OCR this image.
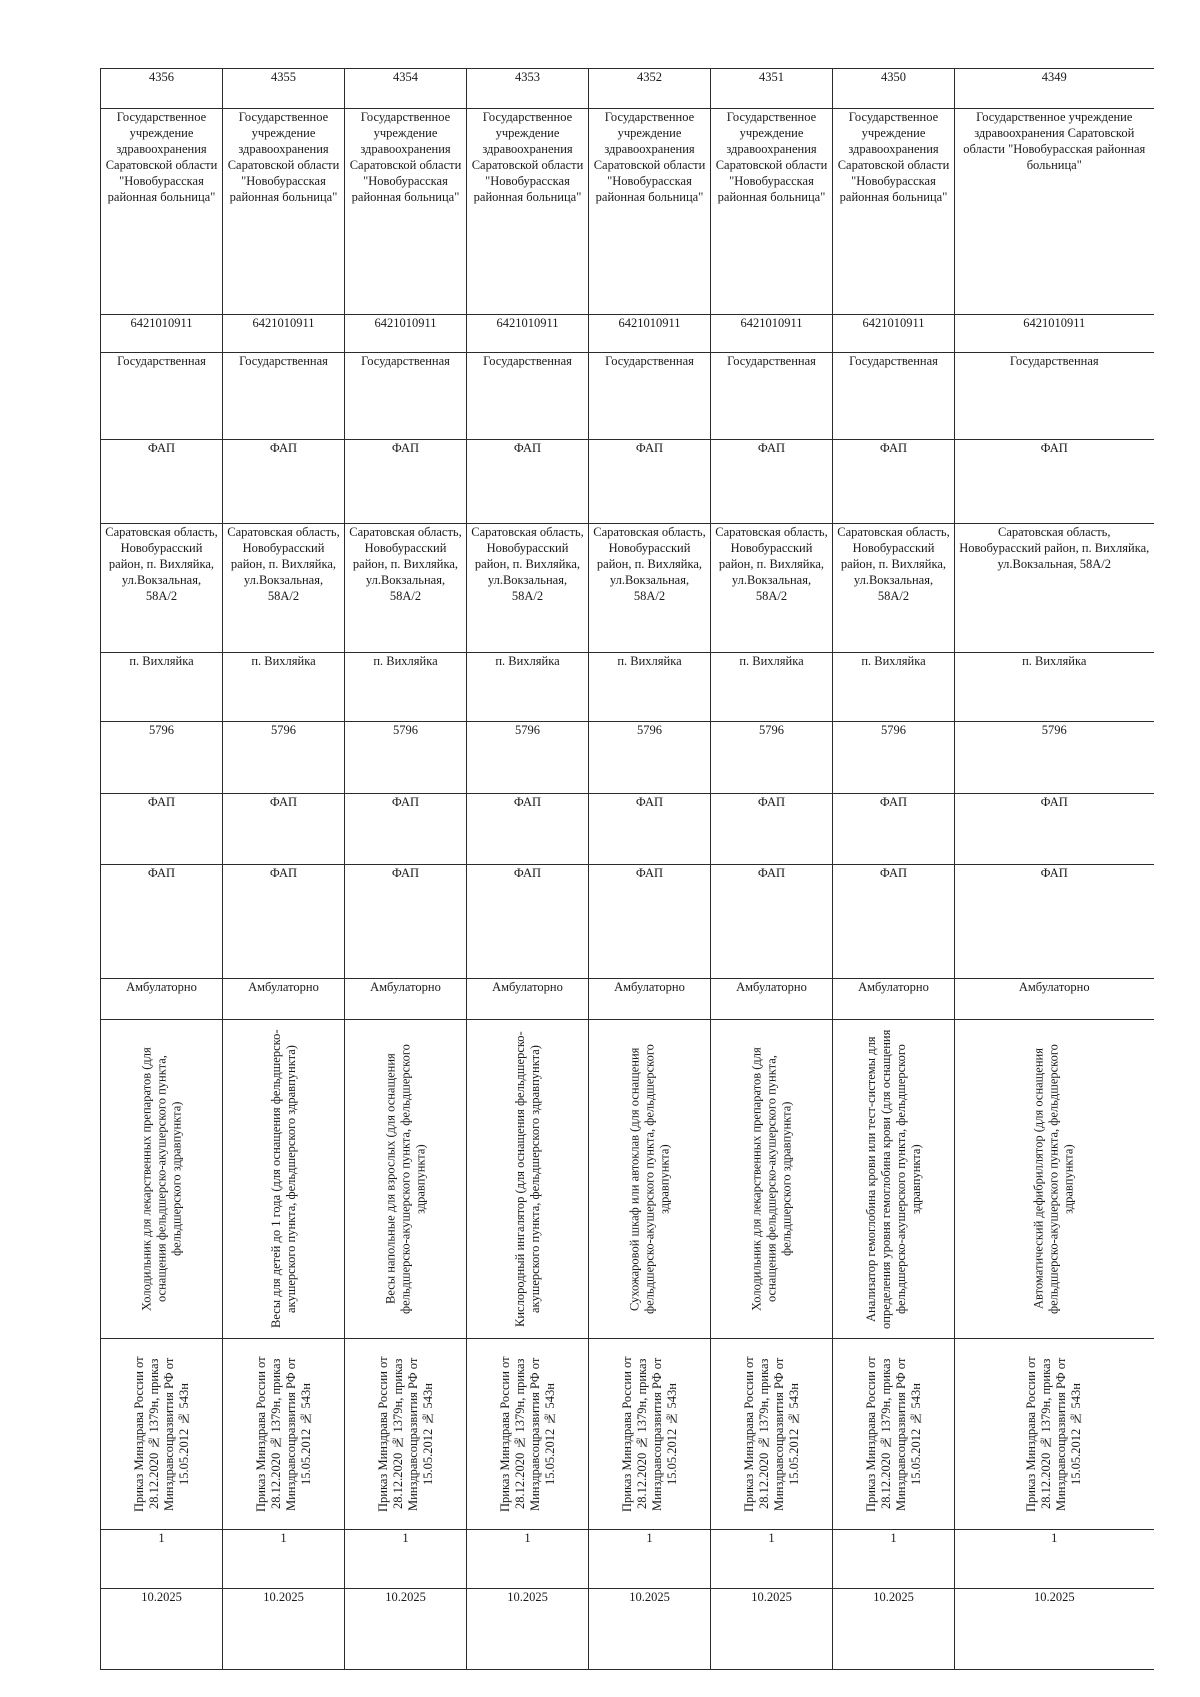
4356	4355	4354	4353	4352	4351	4350	4349
Государственное учреждение здравоохранения Саратовской области "Новобурасская районная больница"	Государственное учреждение здравоохранения Саратовской области "Новобурасская районная больница"	Государственное учреждение здравоохранения Саратовской области "Новобурасская районная больница"	Государственное учреждение здравоохранения Саратовской области "Новобурасская районная больница"	Государственное учреждение здравоохранения Саратовской области "Новобурасская районная больница"	Государственное учреждение здравоохранения Саратовской области "Новобурасская районная больница"	Государственное учреждение здравоохранения Саратовской области "Новобурасская районная больница"	Государственное учреждение здравоохранения Саратовской области "Новобурасская районная больница"
6421010911	6421010911	6421010911	6421010911	6421010911	6421010911	6421010911	6421010911
Государственная	Государственная	Государственная	Государственная	Государственная	Государственная	Государственная	Государственная
ФАП	ФАП	ФАП	ФАП	ФАП	ФАП	ФАП	ФАП
Саратовская область, Новобурасский район, п. Вихляйка, ул.Вокзальная, 58А/2	Саратовская область, Новобурасский район, п. Вихляйка, ул.Вокзальная, 58А/2	Саратовская область, Новобурасский район, п. Вихляйка, ул.Вокзальная, 58А/2	Саратовская область, Новобурасский район, п. Вихляйка, ул.Вокзальная, 58А/2	Саратовская область, Новобурасский район, п. Вихляйка, ул.Вокзальная, 58А/2	Саратовская область, Новобурасский район, п. Вихляйка, ул.Вокзальная, 58А/2	Саратовская область, Новобурасский район, п. Вихляйка, ул.Вокзальная, 58А/2	Саратовская область, Новобурасский район, п. Вихляйка, ул.Вокзальная, 58А/2
п. Вихляйка	п. Вихляйка	п. Вихляйка	п. Вихляйка	п. Вихляйка	п. Вихляйка	п. Вихляйка	п. Вихляйка
5796	5796	5796	5796	5796	5796	5796	5796
ФАП	ФАП	ФАП	ФАП	ФАП	ФАП	ФАП	ФАП
ФАП	ФАП	ФАП	ФАП	ФАП	ФАП	ФАП	ФАП
Амбулаторно	Амбулаторно	Амбулаторно	Амбулаторно	Амбулаторно	Амбулаторно	Амбулаторно	Амбулаторно

Холодильник для лекарственных препаратов (для оснащения фельдшерско-акушерского пункта, фельдшерского здравпункта)	Весы для детей до 1 года (для оснащения фельдшерско-акушерского пункта, фельдшерского здравпункта)	Весы напольные для взрослых (для оснащения фельдшерско-акушерского пункта, фельдшерского здравпункта)	Кислородный ингалятор (для оснащения фельдшерско-акушерского пункта, фельдшерского здравпункта)	Сухожаровой шкаф или автоклав (для оснащения фельдшерско-акушерского пункта, фельдшерского здравпункта)	Холодильник для лекарственных препаратов (для оснащения фельдшерско-акушерского пункта, фельдшерского здравпункта)	Анализатор гемоглобина крови или тест-системы для определения уровня гемоглобина крови (для оснащения фельдшерско-акушерского пункта, фельдшерского здравпункта)	Автоматический дефибриллятор (для оснащения фельдшерско-акушерского пункта, фельдшерского здравпункта)

Приказ Минздрава России от 28.12.2020 № 1379н, приказ Минздравсоцразвития РФ от 15.05.2012 № 543н	Приказ Минздрава России от 28.12.2020 № 1379н, приказ Минздравсоцразвития РФ от 15.05.2012 № 543н	Приказ Минздрава России от 28.12.2020 № 1379н, приказ Минздравсоцразвития РФ от 15.05.2012 № 543н	Приказ Минздрава России от 28.12.2020 № 1379н, приказ Минздравсоцразвития РФ от 15.05.2012 № 543н	Приказ Минздрава России от 28.12.2020 № 1379н, приказ Минздравсоцразвития РФ от 15.05.2012 № 543н	Приказ Минздрава России от 28.12.2020 № 1379н, приказ Минздравсоцразвития РФ от 15.05.2012 № 543н	Приказ Минздрава России от 28.12.2020 № 1379н, приказ Минздравсоцразвития РФ от 15.05.2012 № 543н	Приказ Минздрава России от 28.12.2020 № 1379н, приказ Минздравсоцразвития РФ от 15.05.2012 № 543н

1	1	1	1	1	1	1	1
10.2025	10.2025	10.2025	10.2025	10.2025	10.2025	10.2025	10.2025
